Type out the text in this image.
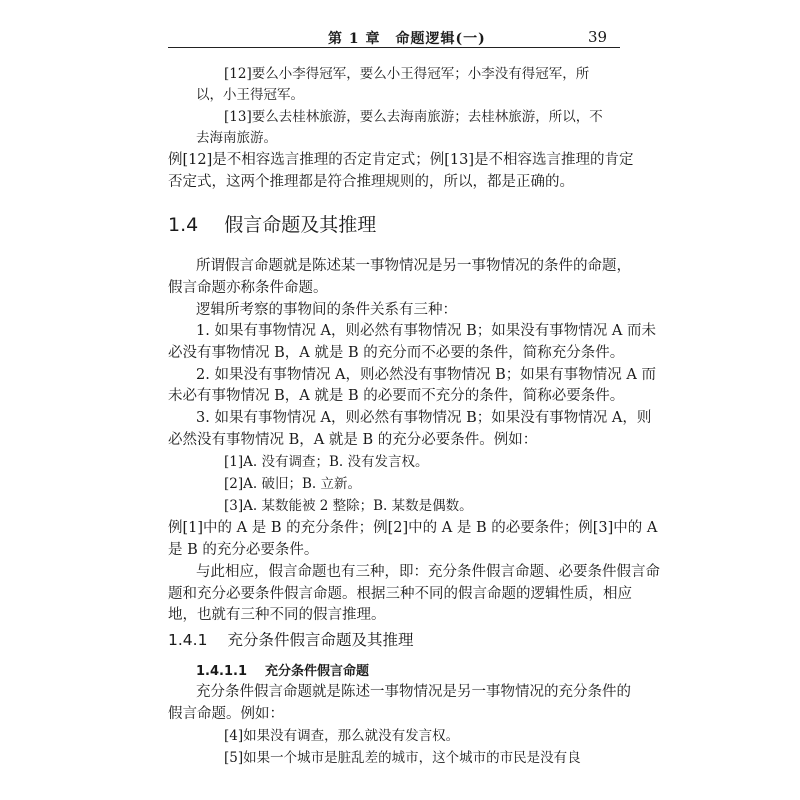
第 1 章　命题逻辑(一)	39
[12]要么小李得冠军，要么小王得冠军；小李没有得冠军，所
以，小王得冠军。
[13]要么去桂林旅游，要么去海南旅游；去桂林旅游，所以，不
去海南旅游。
例[12]是不相容选言推理的否定肯定式；例[13]是不相容选言推理的肯定
否定式，这两个推理都是符合推理规则的，所以，都是正确的。
1.4 假言命题及其推理
所谓假言命题就是陈述某一事物情况是另一事物情况的条件的命题，
假言命题亦称条件命题。
逻辑所考察的事物间的条件关系有三种：
1. 如果有事物情况 A，则必然有事物情况 B；如果没有事物情况 A 而未
必没有事物情况 B，A 就是 B 的充分而不必要的条件，简称充分条件。
2. 如果没有事物情况 A，则必然没有事物情况 B；如果有事物情况 A 而
未必有事物情况 B，A 就是 B 的必要而不充分的条件，简称必要条件。
3. 如果有事物情况 A，则必然有事物情况 B；如果没有事物情况 A，则
必然没有事物情况 B，A 就是 B 的充分必要条件。例如：
[1]A. 没有调查；B. 没有发言权。
[2]A. 破旧；B. 立新。
[3]A. 某数能被 2 整除；B. 某数是偶数。
例[1]中的 A 是 B 的充分条件；例[2]中的 A 是 B 的必要条件；例[3]中的 A
是 B 的充分必要条件。
与此相应，假言命题也有三种，即：充分条件假言命题、必要条件假言命
题和充分必要条件假言命题。根据三种不同的假言命题的逻辑性质，相应
地，也就有三种不同的假言推理。
1.4.1 充分条件假言命题及其推理
1.4.1.1 充分条件假言命题
充分条件假言命题就是陈述一事物情况是另一事物情况的充分条件的
假言命题。例如：
[4]如果没有调查，那么就没有发言权。
[5]如果一个城市是脏乱差的城市，这个城市的市民是没有良
